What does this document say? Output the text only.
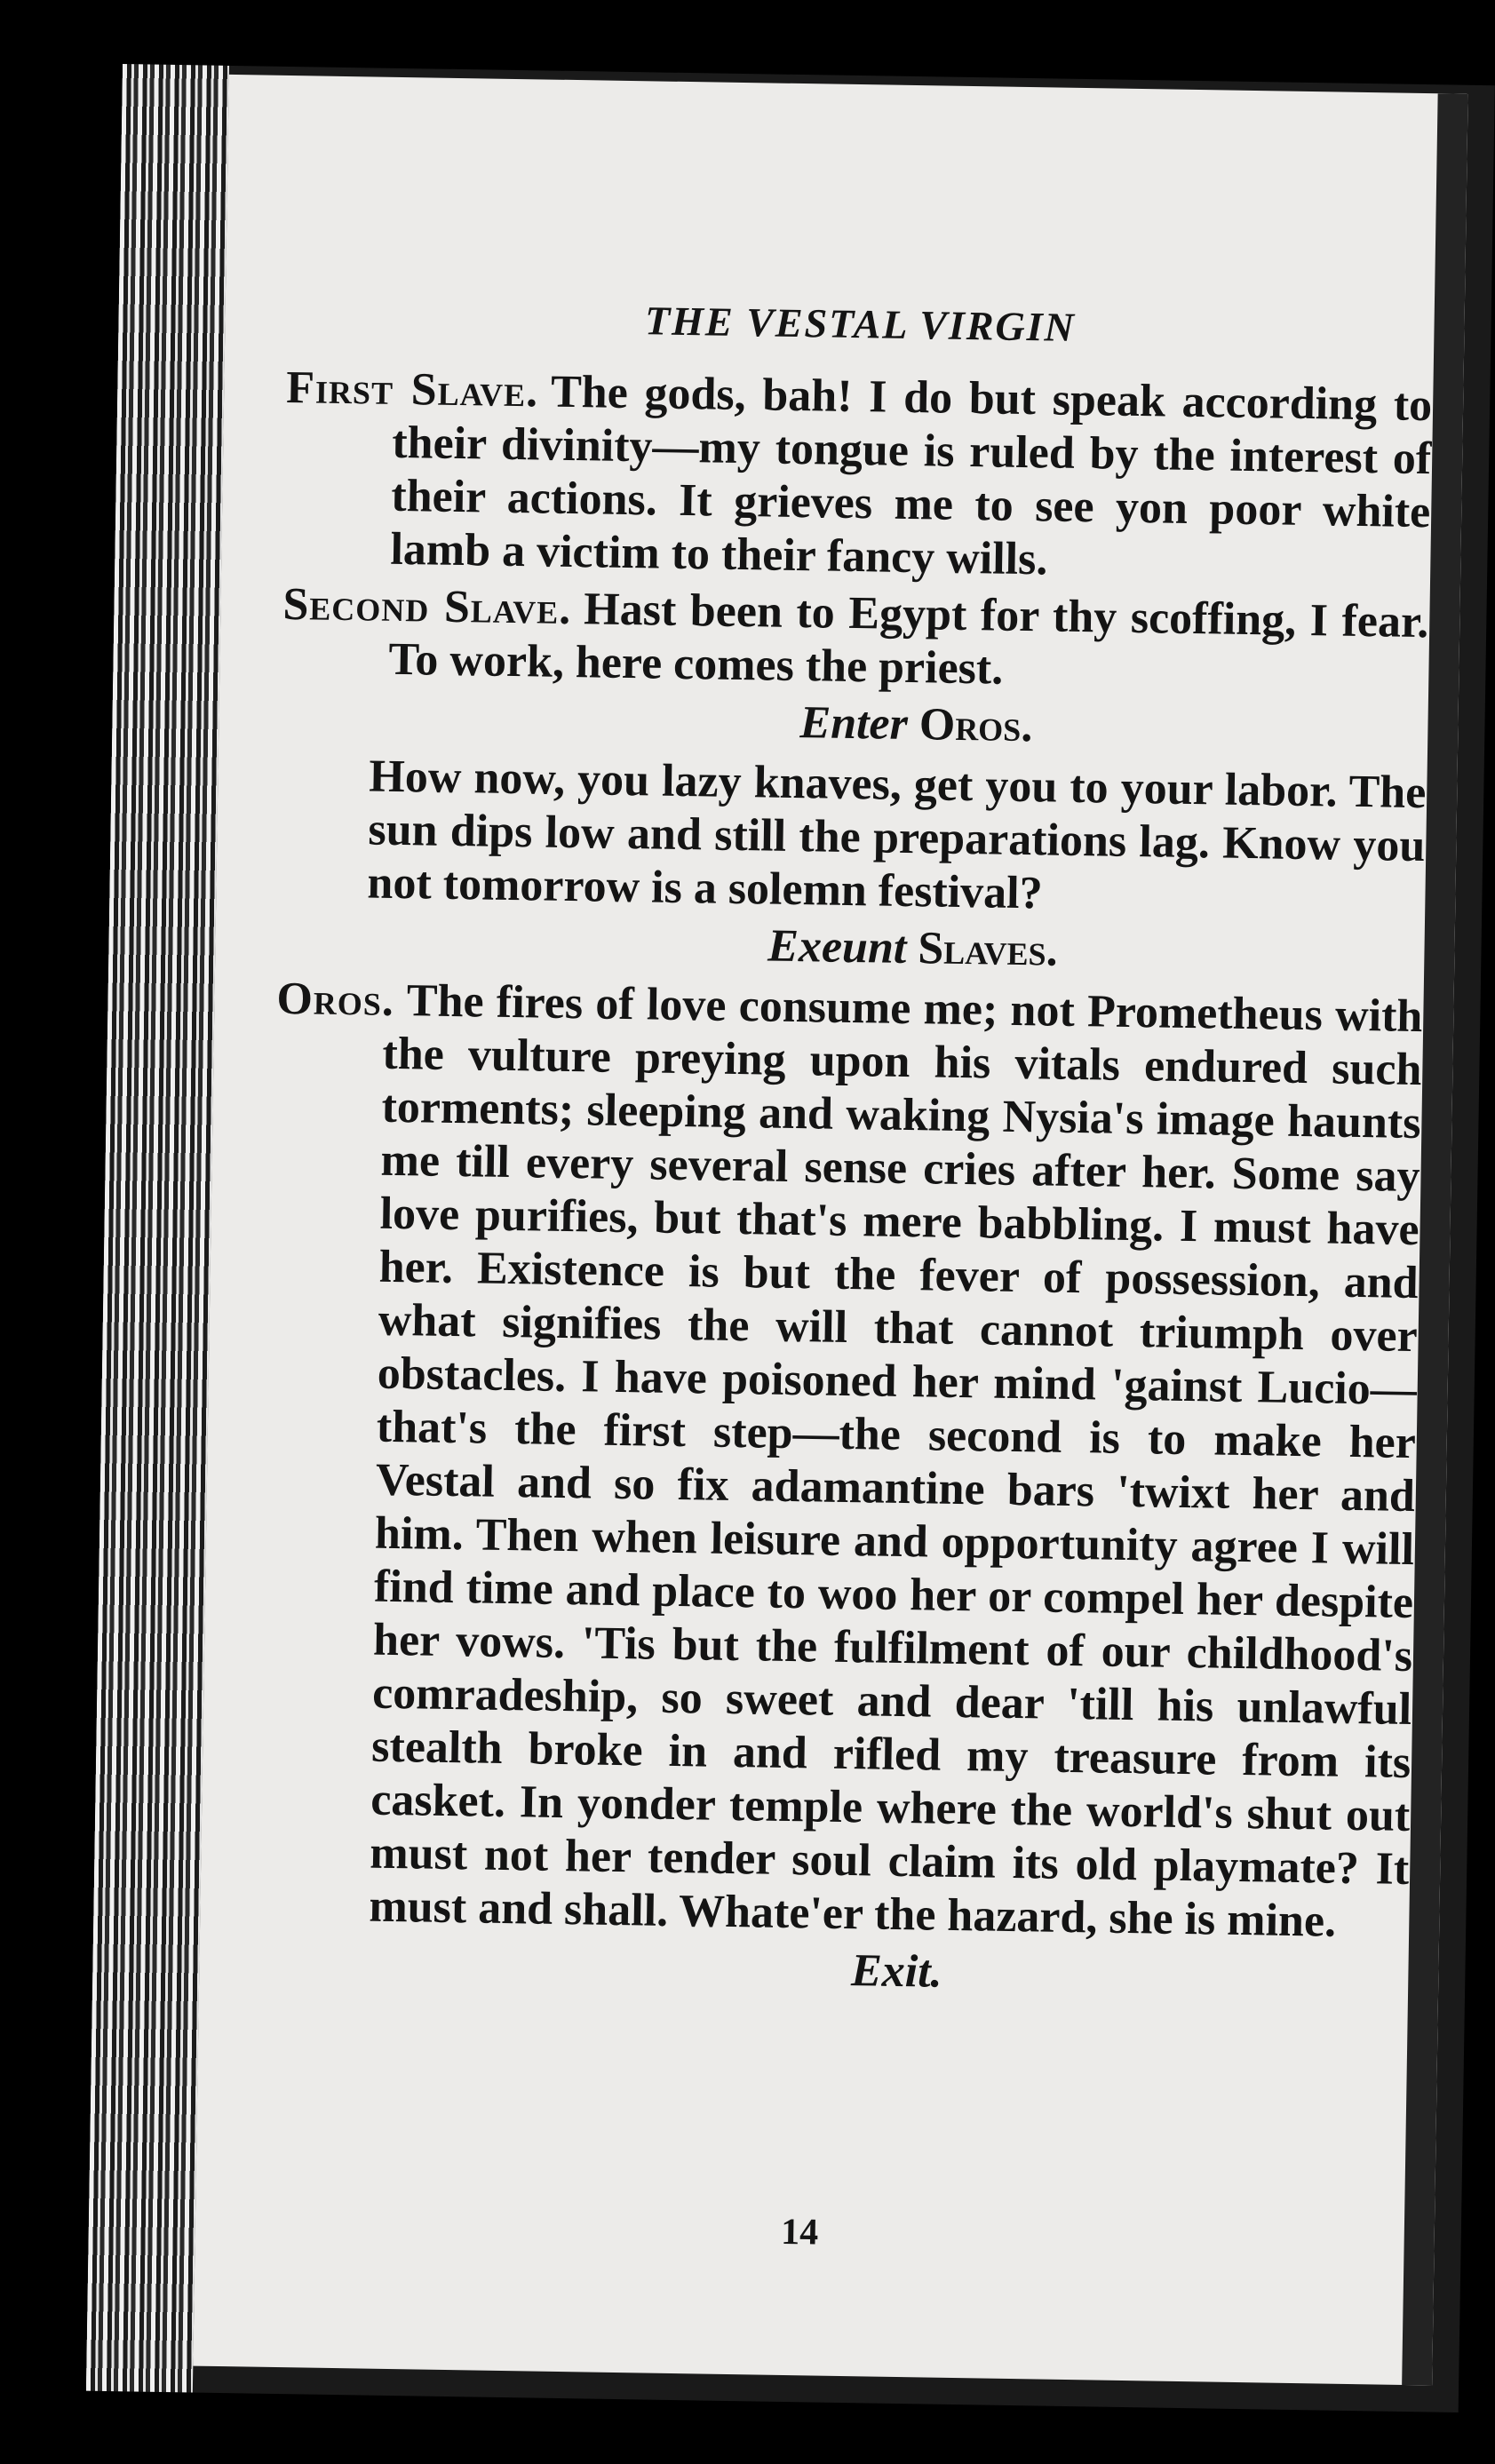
THE VESTAL VIRGIN

First Slave. The gods, bah! I do but speak according to their divinity—my tongue is ruled by the interest of their actions. It grieves me to see yon poor white lamb a victim to their fancy wills.

Second Slave. Hast been to Egypt for thy scoffing, I fear. To work, here comes the priest.

Enter Oros.

How now, you lazy knaves, get you to your labor. The sun dips low and still the preparations lag. Know you not tomorrow is a solemn festival?

Exeunt Slaves.

Oros. The fires of love consume me; not Prometheus with the vulture preying upon his vitals endured such torments; sleeping and waking Nysia's image haunts me till every several sense cries after her. Some say love purifies, but that's mere babbling. I must have her. Existence is but the fever of possession, and what signifies the will that cannot triumph over obstacles. I have poisoned her mind 'gainst Lucio—that's the first step—the second is to make her Vestal and so fix adamantine bars 'twixt her and him. Then when leisure and opportunity agree I will find time and place to woo her or compel her despite her vows. 'Tis but the fulfilment of our childhood's comradeship, so sweet and dear 'till his unlawful stealth broke in and rifled my treasure from its casket. In yonder temple where the world's shut out must not her tender soul claim its old playmate? It must and shall. Whate'er the hazard, she is mine.

Exit.
14
